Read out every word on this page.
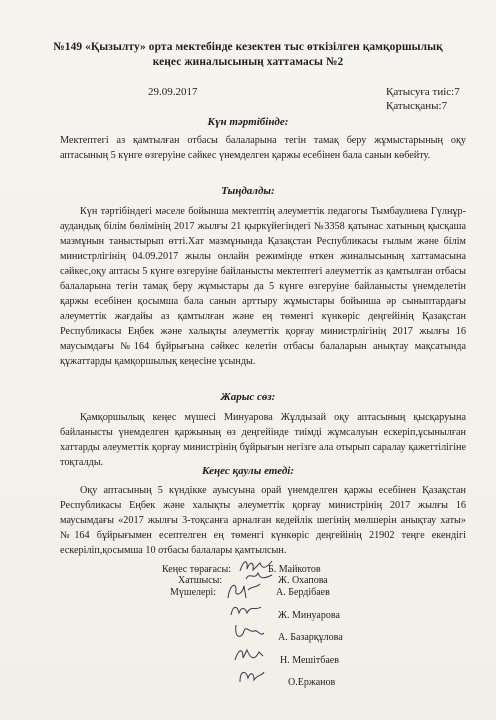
№149 «Қызылту» орта мектебінде кезектен тыс өткізілген қамқоршылық
кеңес жиналысының хаттамасы №2
29.09.2017	Қатысуға тиіс:7
Қатысқаны:7
Күн тәртібінде:

Мектептегі аз қамтылған отбасы балаларына тегін тамақ беру жұмыстарының оқу аптасының 5 күнге өзгеруіне сәйкес үнемделген қаржы есебінен бала санын көбейту.

Тыңдалды:

Күн тәртібіндегі мәселе бойынша мектептің әлеуметтік педагогы Тымбаулиева Гүлнұр-аудандық білім бөлімінің 2017 жылғы 21 қыркүйегіндегі №3358 қатынас хатының қысқаша мазмұнын таныстырып өтті.Хат мазмұнында Қазақстан Республикасы ғылым және білім министрлігінің 04.09.2017 жылы онлайн режимінде өткен жиналысының хаттамасына сәйкес,оқу аптасы 5 күнге өзгеруіне байланысты мектептегі әлеуметтік аз қамтылған отбасы балаларына тегін тамақ беру жұмыстары да 5 күнге өзгеруіне байланысты үнемделетін қаржы есебінен қосымша бала санын арттыру жұмыстары бойынша әр сыныптардағы әлеуметтік жағдайы аз қамтылған және ең төменгі күнкөріс деңгейінің Қазақстан Республикасы Еңбек және халықты әлеуметтік қорғау министрлігінің 2017 жылғы 16 маусымдағы №164 бұйрығына сәйкес келетін отбасы балаларын анықтау мақсатында құжаттарды қамқоршылық кеңесіне ұсынды.

Жарыс сөз:

Қамқоршылық кеңес мүшесі Минуарова Жұлдызай оқу аптасының қысқаруына байланысты үнемделген қаржының өз деңгейінде тиімді жұмсалуын ескеріп,ұсынылған хаттарды әлеуметтік қорғау министрінің бұйрығын негізге ала отырып саралау қажеттілігіне тоқталды.

Кеңес қаулы етеді:

Оқу аптасының 5 күндікке ауысуына орай үнемделген қаржы есебінен Қазақстан Республикасы Еңбек және халықты әлеуметтік қорғау министрінің 2017 жылғы 16 маусымдағы «2017 жылғы 3-тоқсанға арналған кедейлік шегінің мөлшерін анықтау хаты» №164 бұйрығымен есептелген ең төменгі күнкөріс деңгейінің 21902 теңге екендігі ескеріліп,қосымша 10 отбасы балалары қамтылсын.

Кеңес төрағасы:	Б. Майкотов
Хатшысы:	Ж. Охапова
Мүшелері:	А. Бердібаев
Ж. Минуарова
А. Базарқұлова
Н. Мешітбаев
О.Ержанов
